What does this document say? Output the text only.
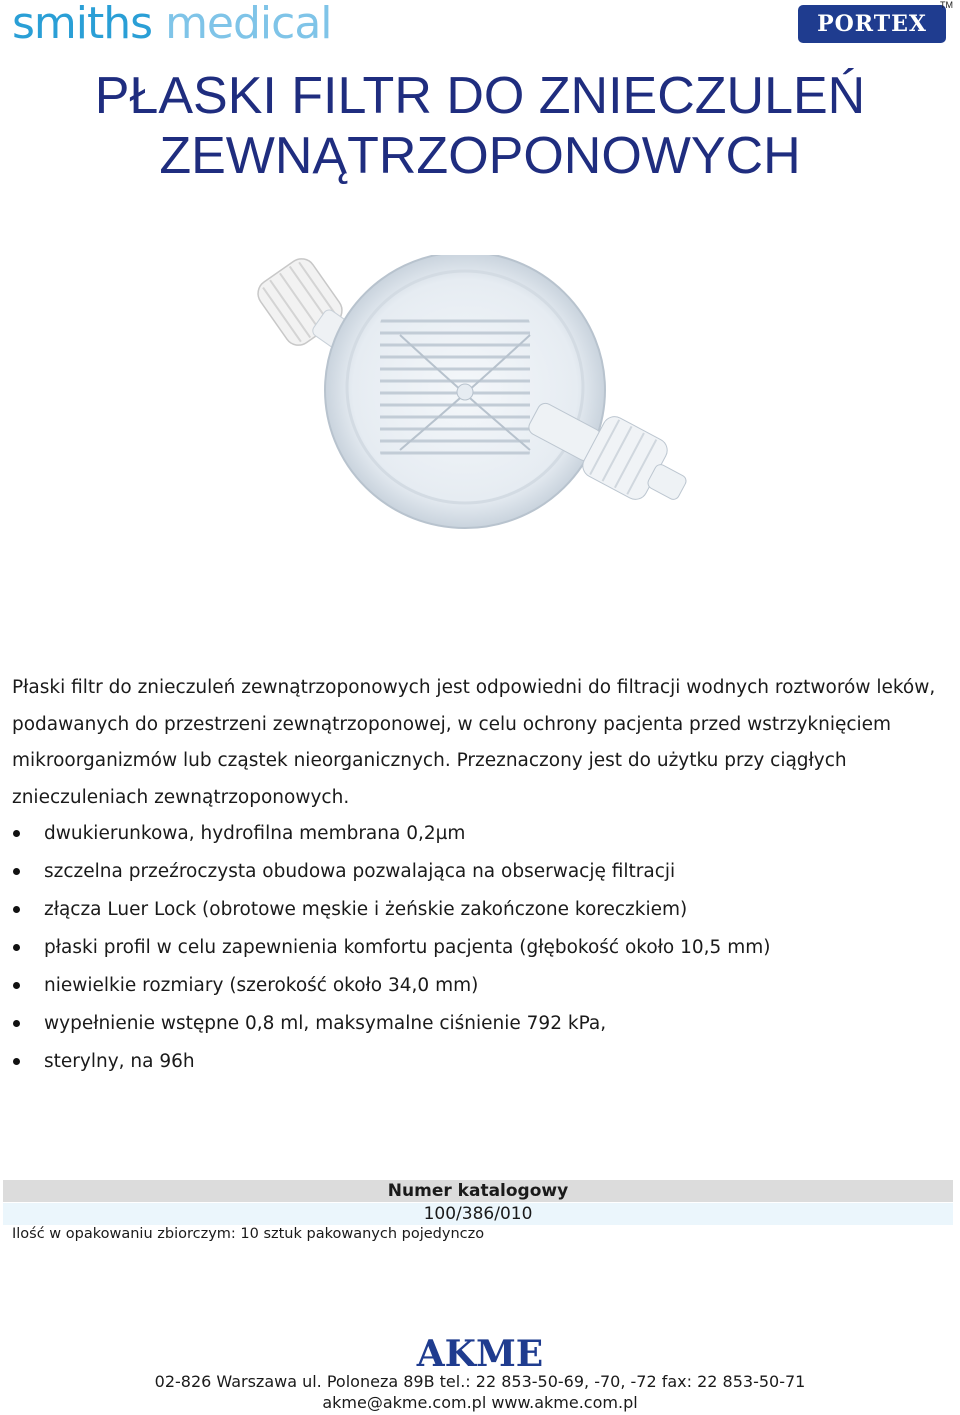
smiths medical	PORTEX
TM
PŁASKI FILTR DO ZNIECZULEŃ
ZEWNĄTRZOPONOWYCH

Płaski filtr do znieczuleń zewnątrzoponowych jest odpowiedni do filtracji wodnych roztworów leków, podawanych do przestrzeni zewnątrzoponowej, w celu ochrony pacjenta przed wstrzyknięciem mikroorganizmów lub cząstek nieorganicznych. Przeznaczony jest do użytku przy ciągłych znieczuleniach zewnątrzoponowych.

dwukierunkowa, hydrofilna membrana 0,2µm
szczelna przeźroczysta obudowa pozwalająca na obserwację filtracji
złącza Luer Lock (obrotowe męskie i żeńskie zakończone koreczkiem)
płaski profil w celu zapewnienia komfortu pacjenta (głębokość około 10,5 mm)
niewielkie rozmiary (szerokość około 34,0 mm)
wypełnienie wstępne 0,8 ml, maksymalne ciśnienie 792 kPa,
sterylny, na 96h
Numer katalogowy
100/386/010
Ilość w opakowaniu zbiorczym: 10 sztuk pakowanych pojedynczo
AKME
02-826 Warszawa ul. Poloneza 89B tel.: 22 853-50-69, -70, -72 fax: 22 853-50-71
akme@akme.com.pl www.akme.com.pl
